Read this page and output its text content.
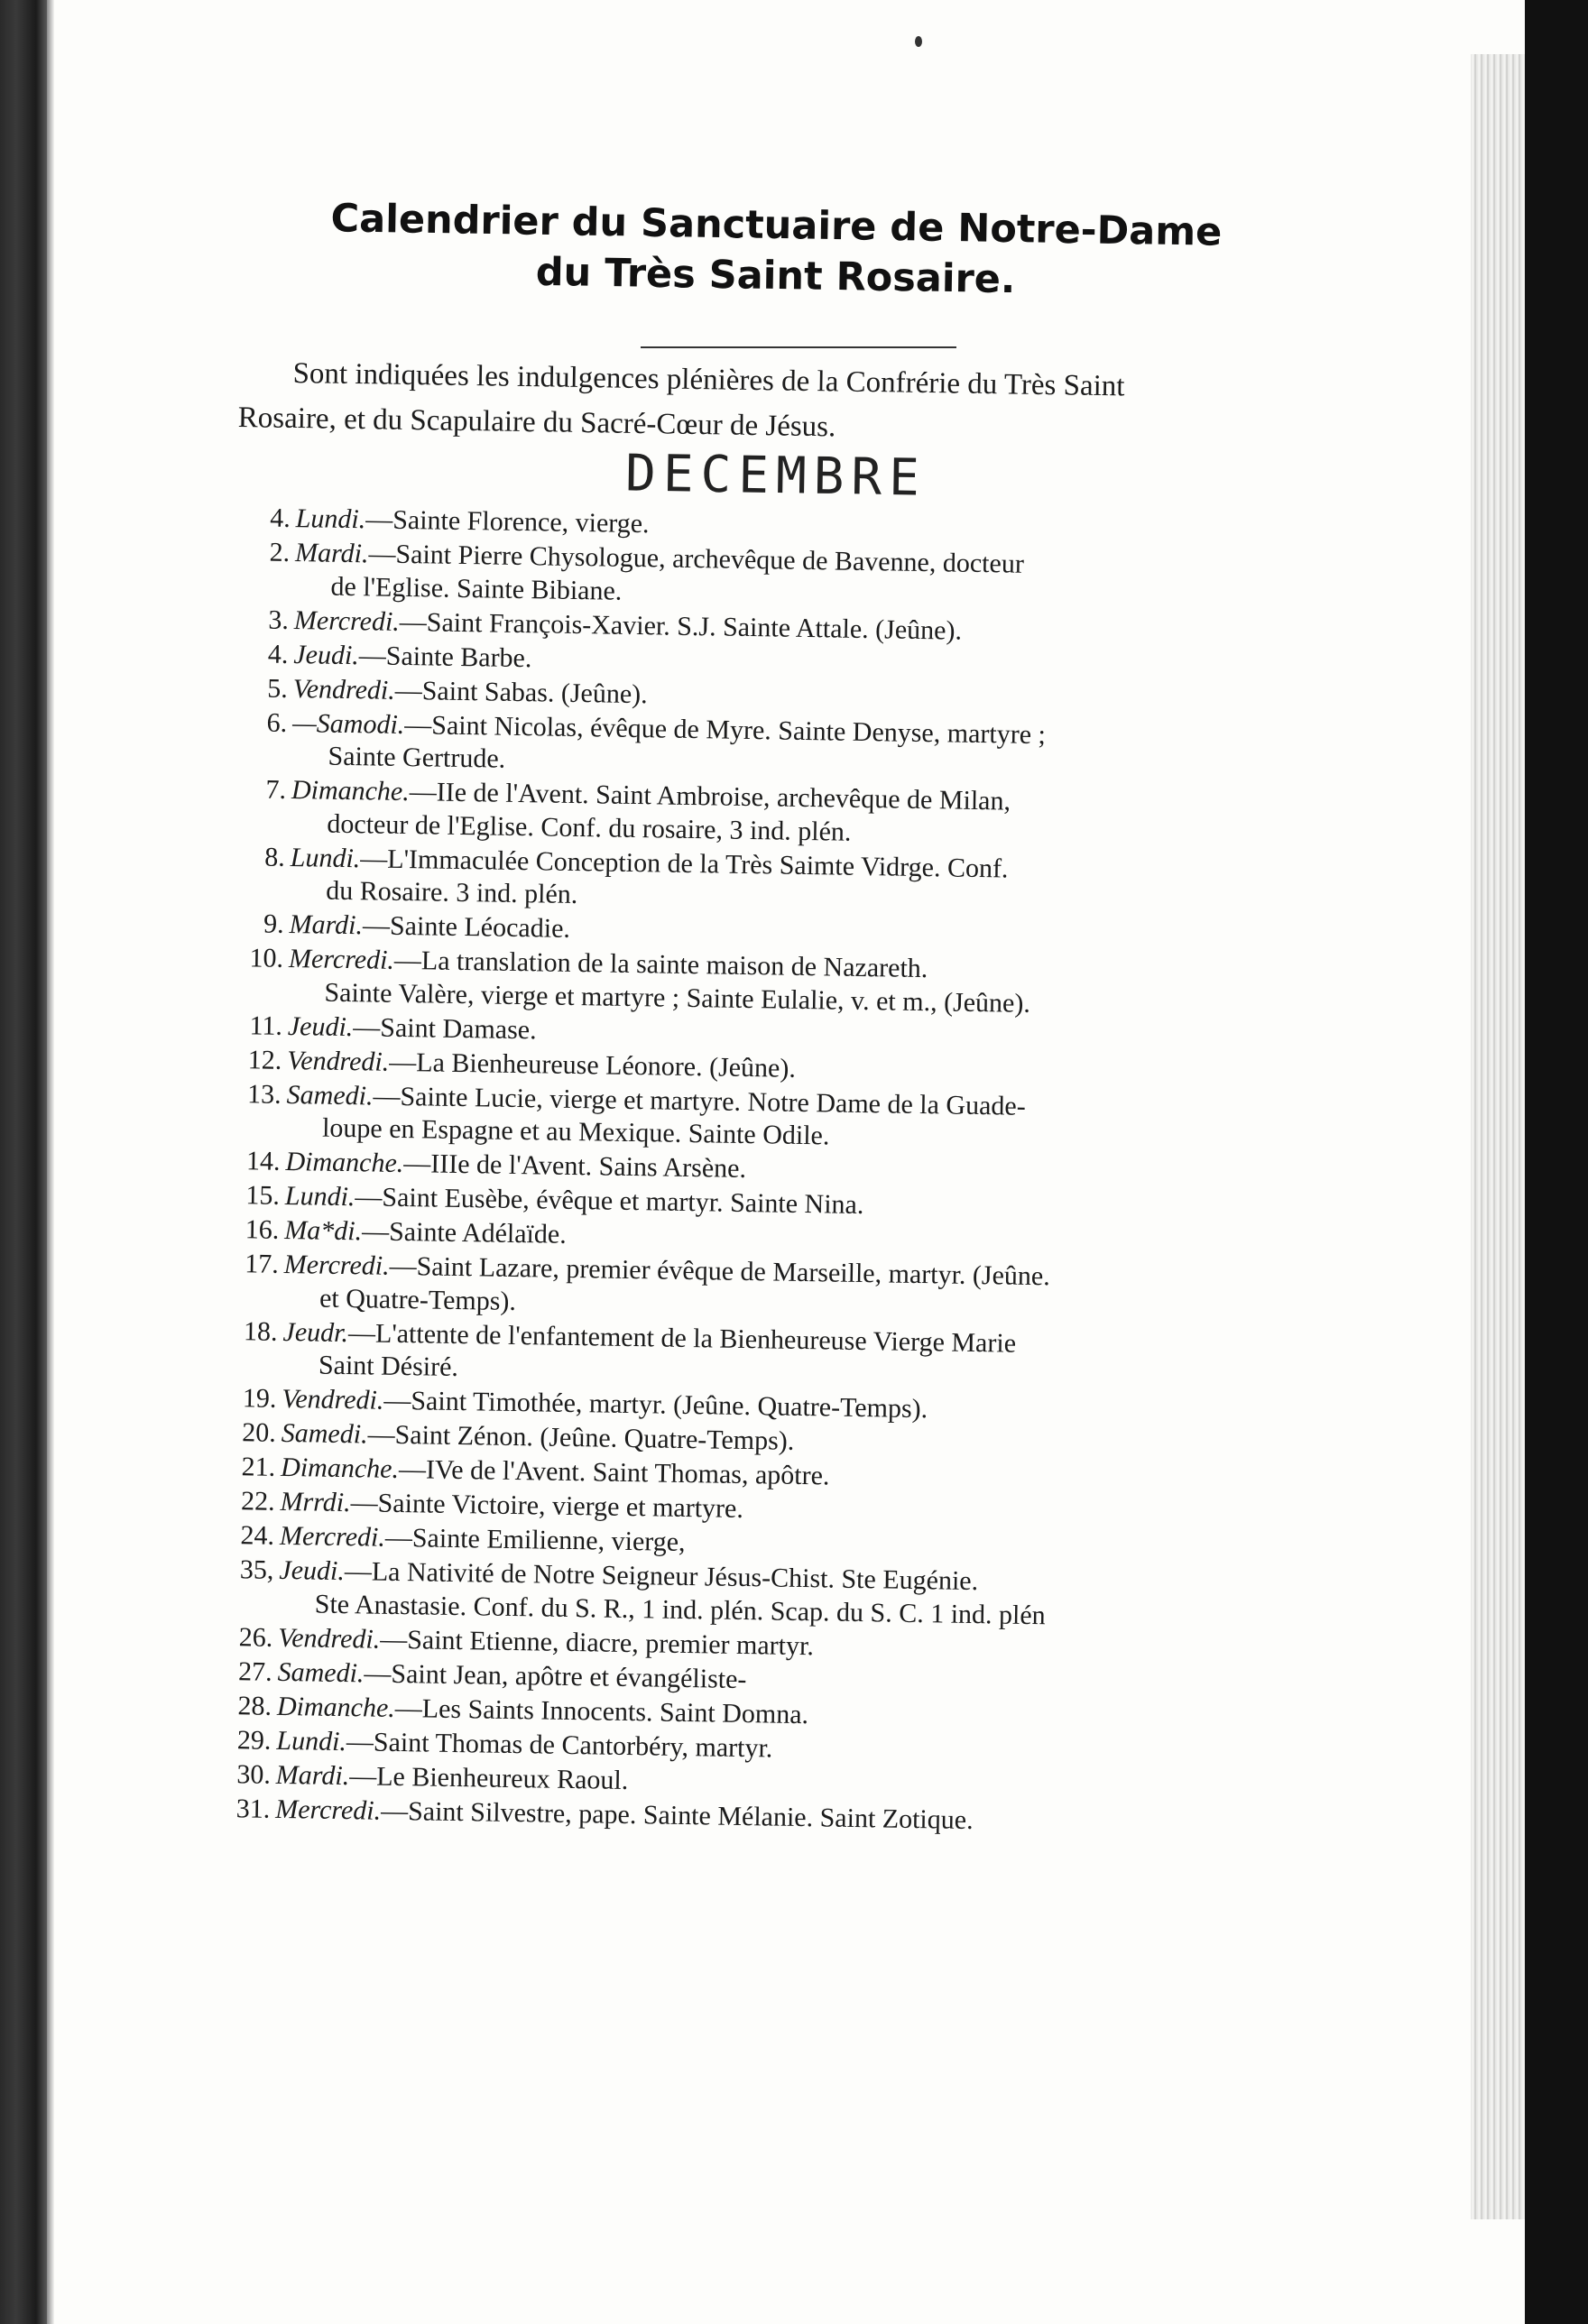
Calendrier du Sanctuaire de Notre-Dame
du Très Saint Rosaire.
Sont indiquées les indulgences plénières de la Confrérie du Très Saint
Rosaire, et du Scapulaire du Sacré-Cœur de Jésus.
DECEMBRE
4. Lundi.—Sainte Florence, vierge.
2. Mardi.—Saint Pierre Chysologue, archevêque de Bavenne, docteur
de l'Eglise. Sainte Bibiane.
3. Mercredi.—Saint François-Xavier. S.J. Sainte Attale. (Jeûne).
4. Jeudi.—Sainte Barbe.
5. Vendredi.—Saint Sabas. (Jeûne).
6. —Samodi.—Saint Nicolas, évêque de Myre. Sainte Denyse, martyre ;
Sainte Gertrude.
7. Dimanche.—IIe de l'Avent. Saint Ambroise, archevêque de Milan,
docteur de l'Eglise. Conf. du rosaire, 3 ind. plén.
8. Lundi.—L'Immaculée Conception de la Très Saimte Vidrge. Conf.
du Rosaire. 3 ind. plén.
9. Mardi.—Sainte Léocadie.
10. Mercredi.—La translation de la sainte maison de Nazareth.
Sainte Valère, vierge et martyre ; Sainte Eulalie, v. et m., (Jeûne).
11. Jeudi.—Saint Damase.
12. Vendredi.—La Bienheureuse Léonore. (Jeûne).
13. Samedi.—Sainte Lucie, vierge et martyre. Notre Dame de la Guade-
loupe en Espagne et au Mexique. Sainte Odile.
14. Dimanche.—IIIe de l'Avent. Sains Arsène.
15. Lundi.—Saint Eusèbe, évêque et martyr. Sainte Nina.
16. Ma*di.—Sainte Adélaïde.
17. Mercredi.—Saint Lazare, premier évêque de Marseille, martyr. (Jeûne.
et Quatre-Temps).
18. Jeudr.—L'attente de l'enfantement de la Bienheureuse Vierge Marie
Saint Désiré.
19. Vendredi.—Saint Timothée, martyr. (Jeûne. Quatre-Temps).
20. Samedi.—Saint Zénon. (Jeûne. Quatre-Temps).
21. Dimanche.—IVe de l'Avent. Saint Thomas, apôtre.
22. Mrrdi.—Sainte Victoire, vierge et martyre.
24. Mercredi.—Sainte Emilienne, vierge,
35, Jeudi.—La Nativité de Notre Seigneur Jésus-Chist. Ste Eugénie.
Ste Anastasie. Conf. du S. R., 1 ind. plén. Scap. du S. C. 1 ind. plén
26. Vendredi.—Saint Etienne, diacre, premier martyr.
27. Samedi.—Saint Jean, apôtre et évangéliste-
28. Dimanche.—Les Saints Innocents. Saint Domna.
29. Lundi.—Saint Thomas de Cantorbéry, martyr.
30. Mardi.—Le Bienheureux Raoul.
31. Mercredi.—Saint Silvestre, pape. Sainte Mélanie. Saint Zotique.
